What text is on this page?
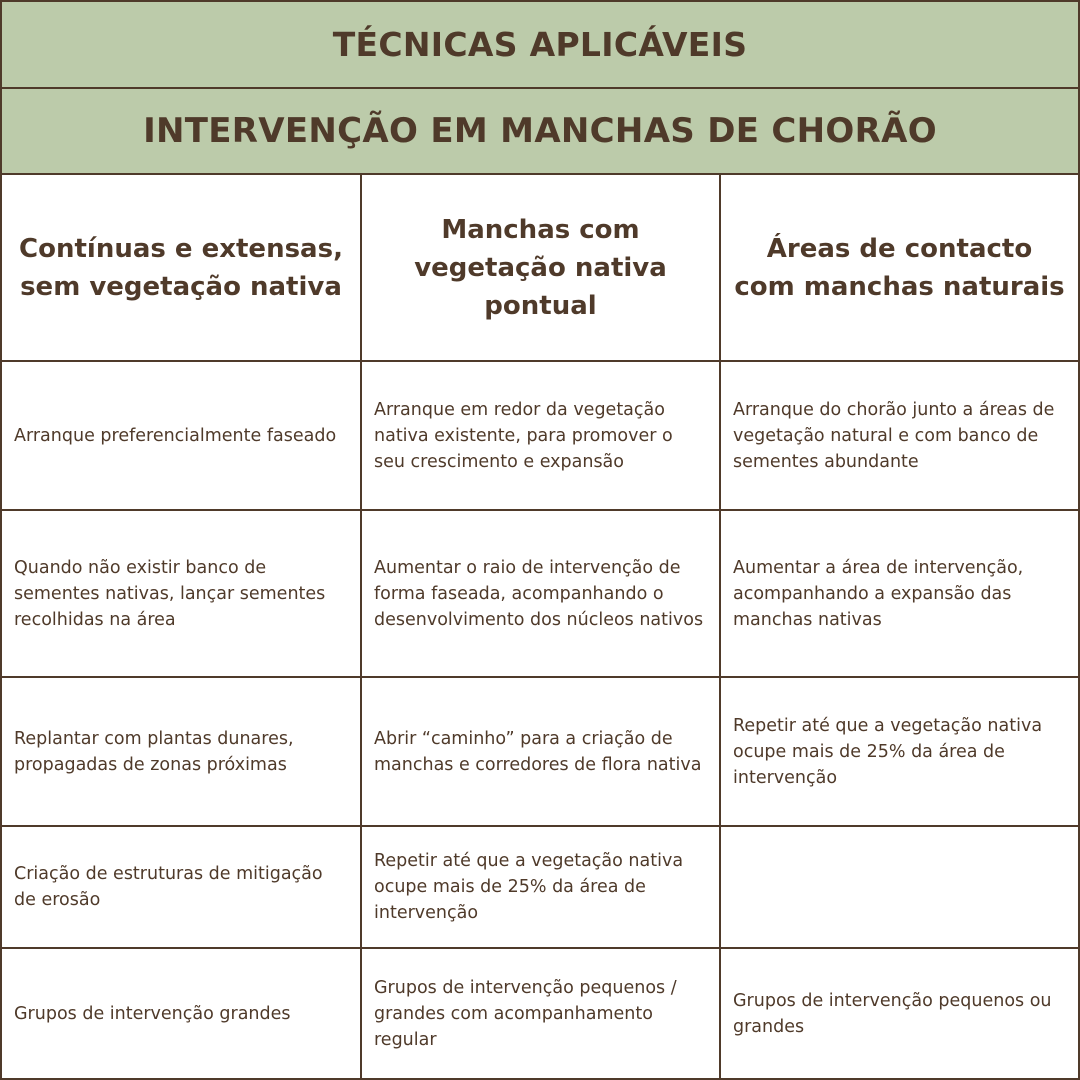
TÉCNICAS APLICÁVEIS
INTERVENÇÃO EM MANCHAS DE CHORÃO
Contínuas e extensas, sem vegetação nativa	Manchas com vegetação nativa pontual	Áreas de contacto com manchas naturais
Arranque preferencialmente faseado	Arranque em redor da vegetação nativa existente, para promover o seu crescimento e expansão	Arranque do chorão junto a áreas de vegetação natural e com banco de sementes abundante
Quando não existir banco de sementes nativas, lançar sementes recolhidas na área	Aumentar o raio de intervenção de forma faseada, acompanhando o desenvolvimento dos núcleos nativos	Aumentar a área de intervenção, acompanhando a expansão das manchas nativas
Replantar com plantas dunares, propagadas de zonas próximas	Abrir “caminho” para a criação de manchas e corredores de flora nativa	Repetir até que a vegetação nativa ocupe mais de 25% da área de intervenção
Criação de estruturas de mitigação de erosão	Repetir até que a vegetação nativa ocupe mais de 25% da área de intervenção	
Grupos de intervenção grandes	Grupos de intervenção pequenos / grandes com acompanhamento regular	Grupos de intervenção pequenos ou grandes
